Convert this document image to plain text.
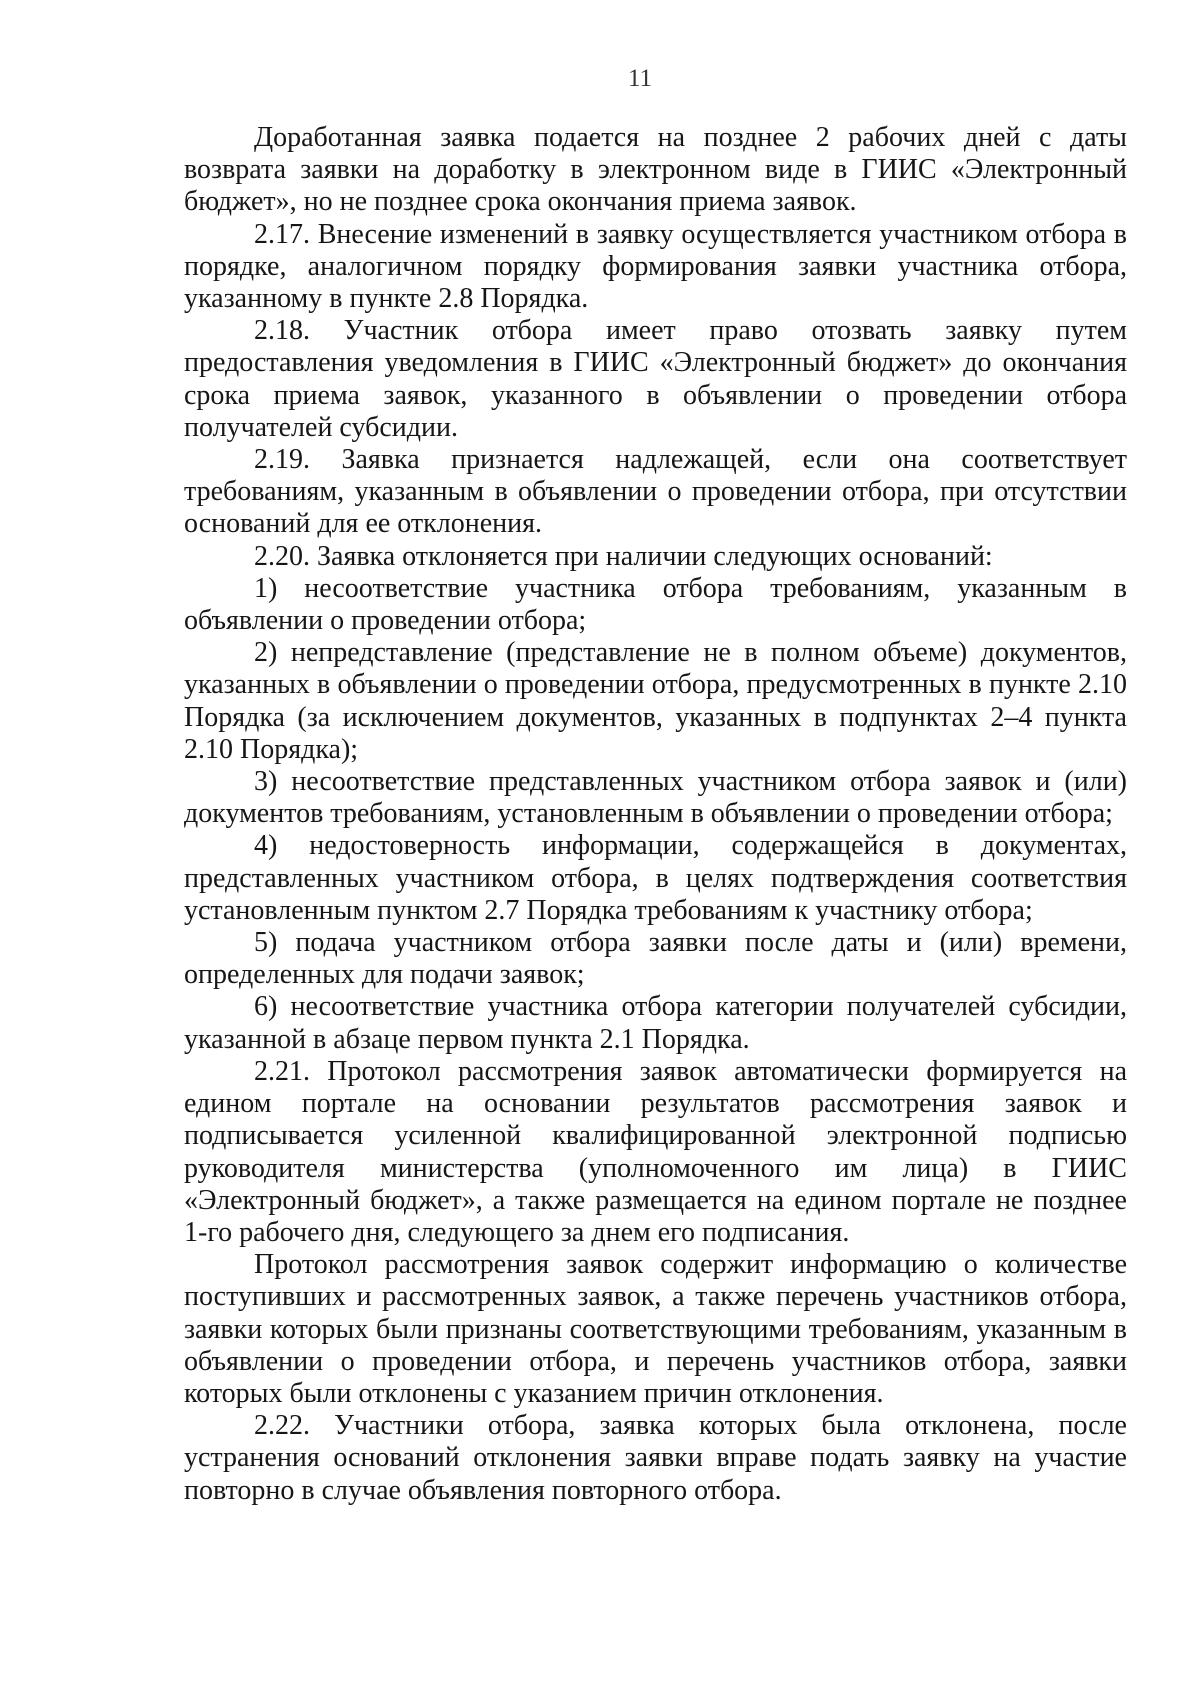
11

Доработанная заявка подается на позднее 2 рабочих дней с даты возврата заявки на доработку в электронном виде в ГИИС «Электронный бюджет», но не позднее срока окончания приема заявок.

2.17. Внесение изменений в заявку осуществляется участником отбора в порядке, аналогичном порядку формирования заявки участника отбора, указанному в пункте 2.8 Порядка.

2.18. Участник отбора имеет право отозвать заявку путем предоставления уведомления в ГИИС «Электронный бюджет» до окончания срока приема заявок, указанного в объявлении о проведении отбора получателей субсидии.

2.19. Заявка признается надлежащей, если она соответствует требованиям, указанным в объявлении о проведении отбора, при отсутствии оснований для ее отклонения.

2.20. Заявка отклоняется при наличии следующих оснований:

1) несоответствие участника отбора требованиям, указанным в объявлении о проведении отбора;

2) непредставление (представление не в полном объеме) документов, указанных в объявлении о проведении отбора, предусмотренных в пункте 2.10 Порядка (за исключением документов, указанных в подпунктах 2–4 пункта 2.10 Порядка);

3) несоответствие представленных участником отбора заявок и (или) документов требованиям, установленным в объявлении о проведении отбора;

4) недостоверность информации, содержащейся в документах, представленных участником отбора, в целях подтверждения соответствия установленным пунктом 2.7 Порядка требованиям к участнику отбора;

5) подача участником отбора заявки после даты и (или) времени, определенных для подачи заявок;

6) несоответствие участника отбора категории получателей субсидии, указанной в абзаце первом пункта 2.1 Порядка.

2.21. Протокол рассмотрения заявок автоматически формируется на едином портале на основании результатов рассмотрения заявок и подписывается усиленной квалифицированной электронной подписью руководителя министерства (уполномоченного им лица) в ГИИС «Электронный бюджет», а также размещается на едином портале не позднее 1-го рабочего дня, следующего за днем его подписания.

Протокол рассмотрения заявок содержит информацию о количестве поступивших и рассмотренных заявок, а также перечень участников отбора, заявки которых были признаны соответствующими требованиям, указанным в объявлении о проведении отбора, и перечень участников отбора, заявки которых были отклонены с указанием причин отклонения.

2.22. Участники отбора, заявка которых была отклонена, после устранения оснований отклонения заявки вправе подать заявку на участие повторно в случае объявления повторного отбора.
